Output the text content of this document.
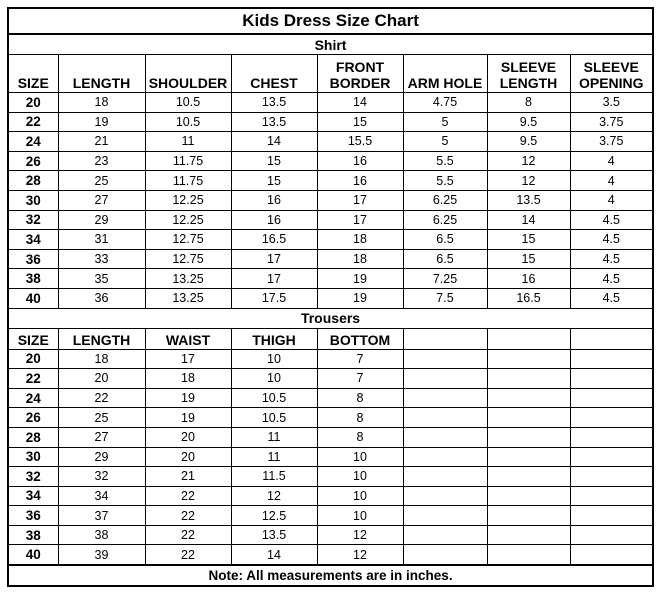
Kids Dress Size Chart							
Shirt							
SIZE	LENGTH	SHOULDER	CHEST	FRONT BORDER	ARM HOLE	SLEEVE LENGTH	SLEEVE OPENING
20	18	10.5	13.5	14	4.75	8	3.5
22	19	10.5	13.5	15	5	9.5	3.75
24	21	11	14	15.5	5	9.5	3.75
26	23	11.75	15	16	5.5	12	4
28	25	11.75	15	16	5.5	12	4
30	27	12.25	16	17	6.25	13.5	4
32	29	12.25	16	17	6.25	14	4.5
34	31	12.75	16.5	18	6.5	15	4.5
36	33	12.75	17	18	6.5	15	4.5
38	35	13.25	17	19	7.25	16	4.5
40	36	13.25	17.5	19	7.5	16.5	4.5
Trousers							
SIZE	LENGTH	WAIST	THIGH	BOTTOM			
20	18	17	10	7			
22	20	18	10	7			
24	22	19	10.5	8			
26	25	19	10.5	8			
28	27	20	11	8			
30	29	20	11	10			
32	32	21	11.5	10			
34	34	22	12	10			
36	37	22	12.5	10			
38	38	22	13.5	12			
40	39	22	14	12			
Note: All measurements are in inches.							
